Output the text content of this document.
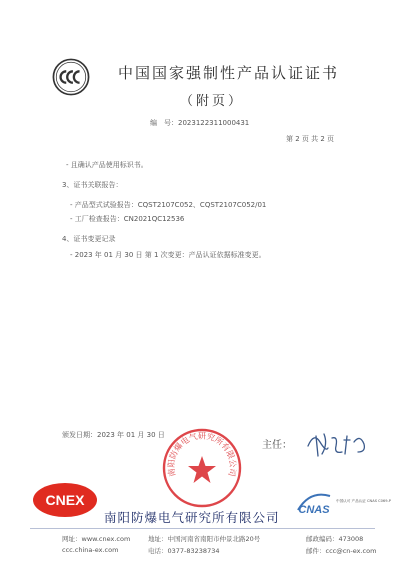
中国国家强制性产品认证证书
（附页）
编　号：2023122311000431
第 2 页 共 2 页
- 且确认产品使用标识书。
3、证书关联报告：
- 产品型式试验报告：CQST2107C052、CQST2107C052/01
- 工厂检查报告：CN2021QC12536
4、证书变更记录
- 2023 年 01 月 30 日 第 1 次变更：产品认证依据标准变更。
颁发日期：2023 年 01 月 30 日
南阳防爆电气研究所有限公司
主任：
CNEX
南阳防爆电气研究所有限公司 CNAS
中国认可 产品认证 CNAS C069-P
网址：www.cnex.com
ccc.china-ex.com
地址：中国河南省南阳市仲景北路20号
电话：0377-83238734
邮政编码：473008
邮件：ccc@cn-ex.com
